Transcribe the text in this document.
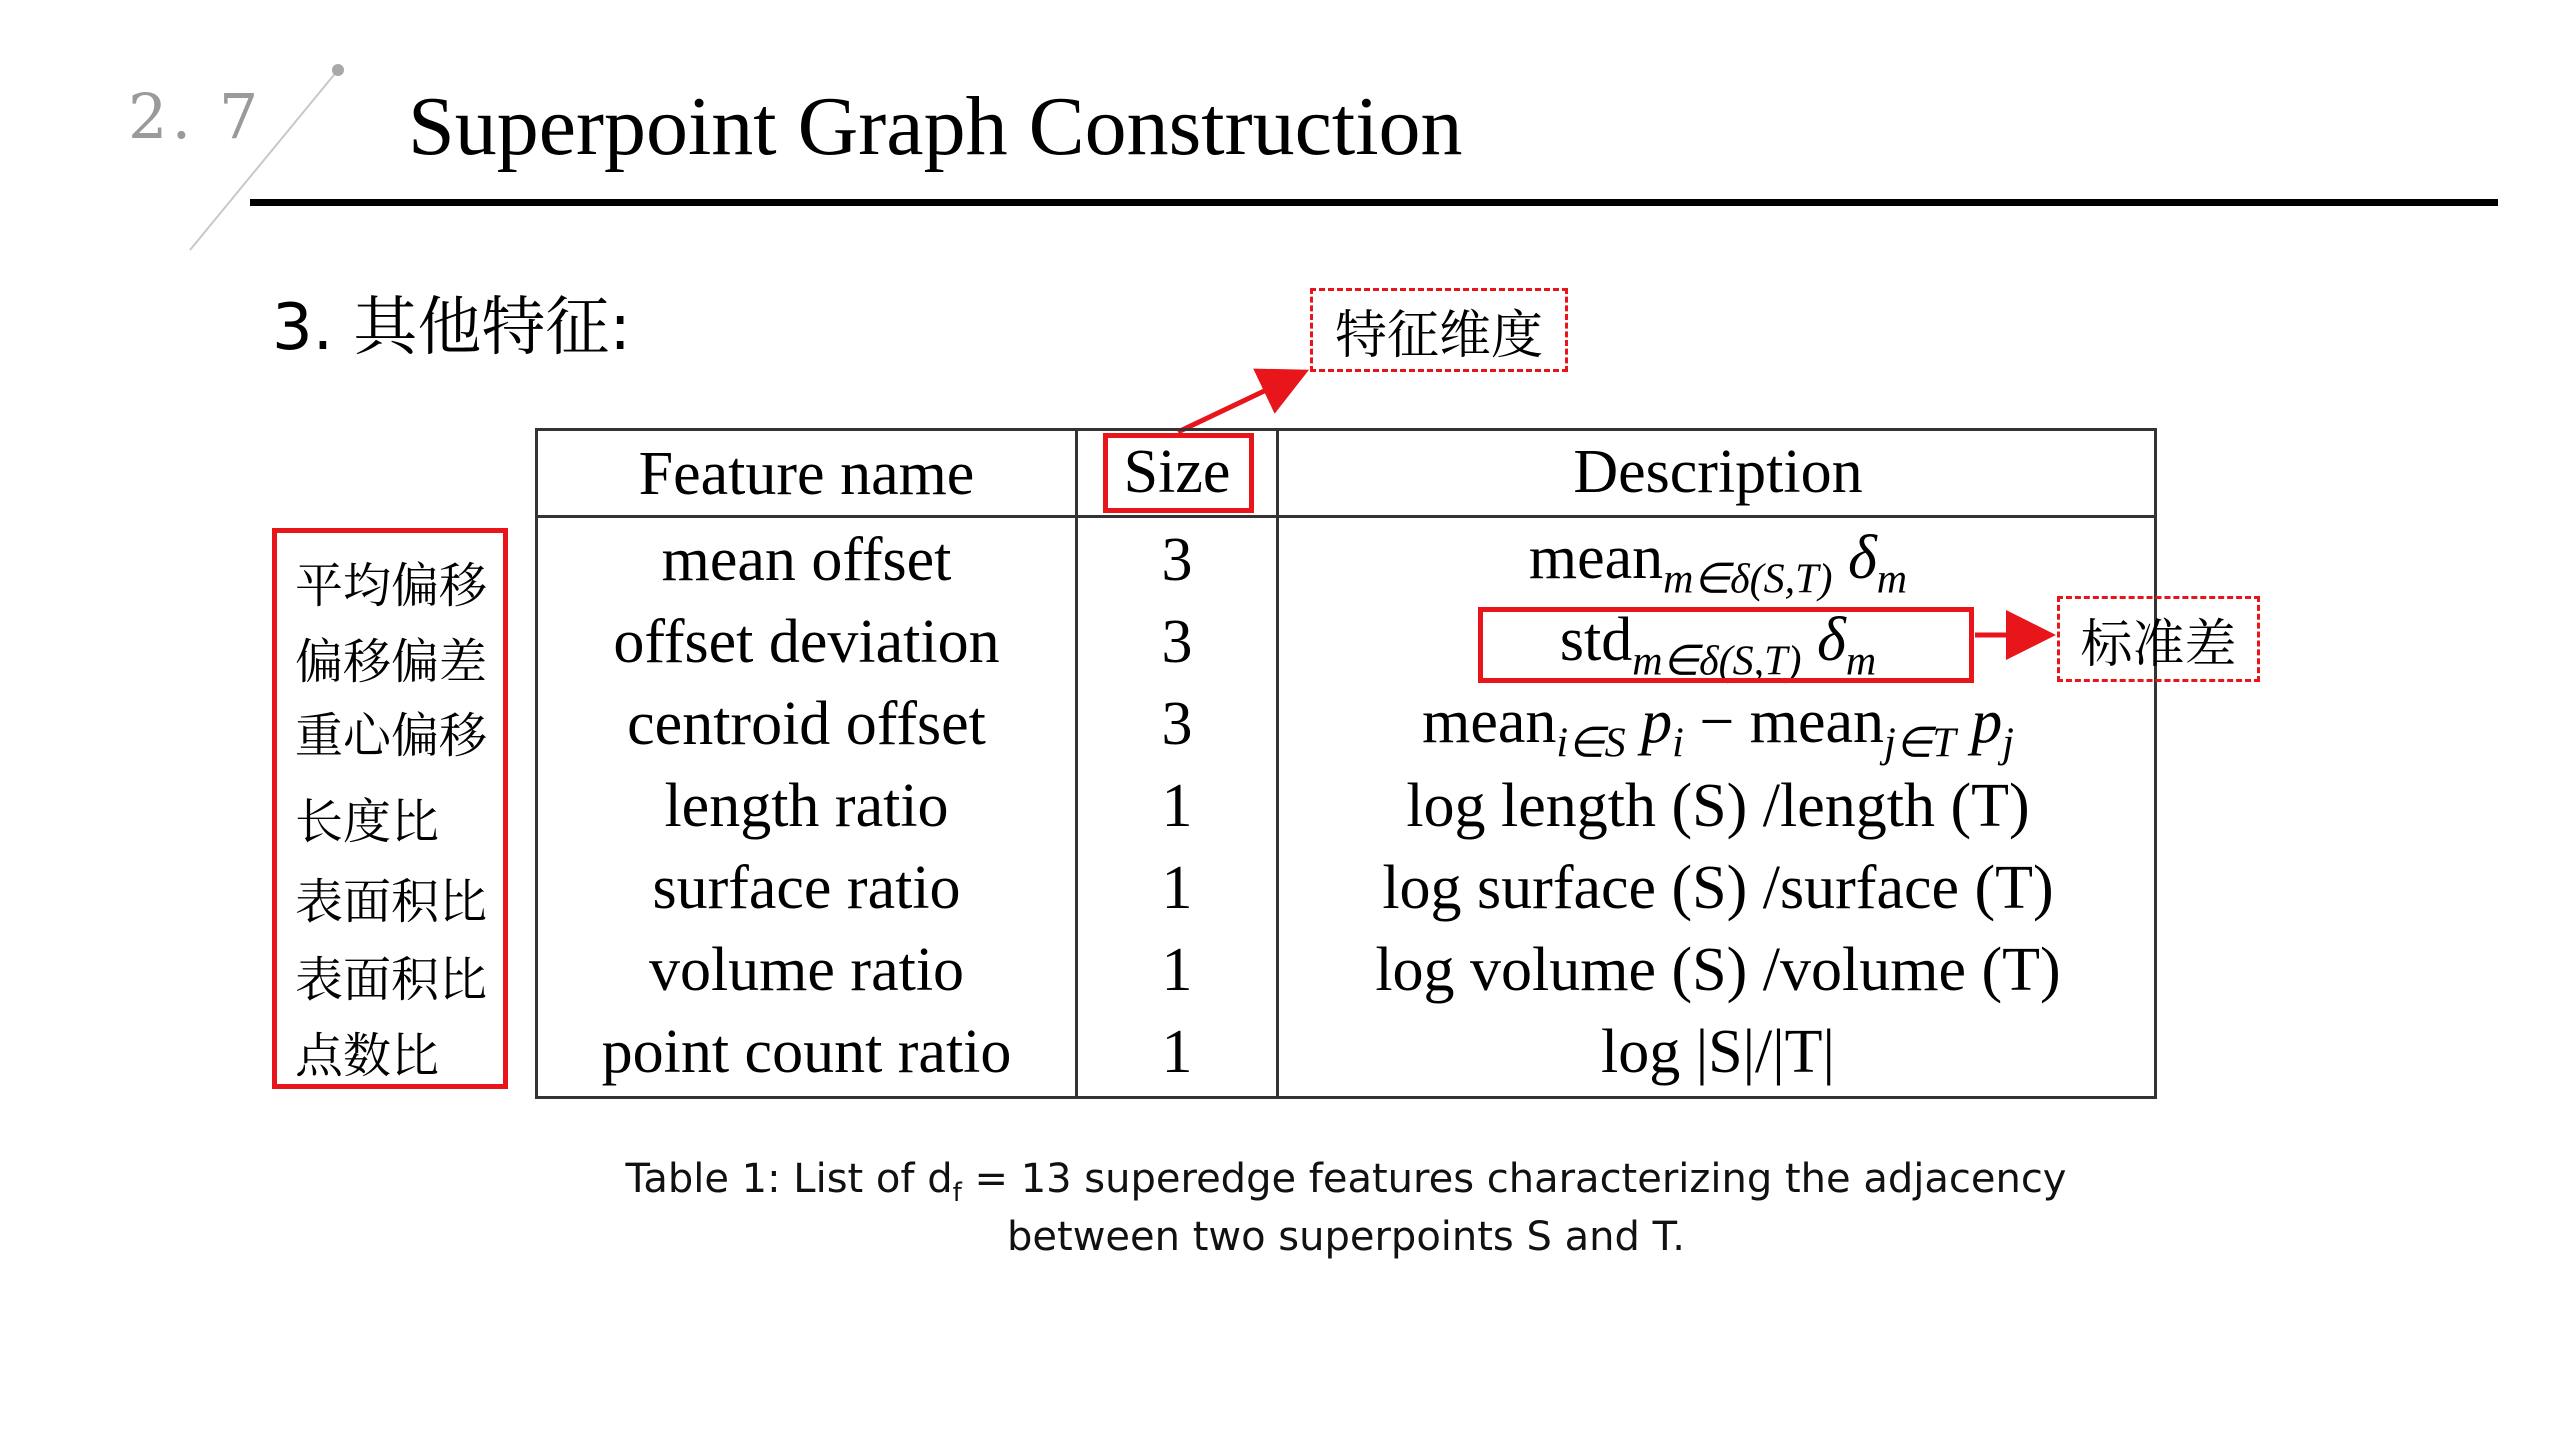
2. 7 Superpoint Graph Construction
3. 其他特征:	特征维度
Feature name	Size	Description
mean offset	3	mean$_{m\in\delta(S,T)}$ $\delta_m$
offset deviation	3	std$_{m\in\delta(S,T)}$ $\delta_m$
centroid offset	3	mean$_{i\in S}$ $p_i$ − mean$_{j\in T}$ $p_j$
length ratio	1	log length (S) /length (T)
surface ratio	1	log surface (S) /surface (T)
volume ratio	1	log volume (S) /volume (T)
point count ratio	1	log |S|/|T|
标准差
平均偏移
偏移偏差
重心偏移
长度比
表面积比
表面积比
点数比
Table 1: List of $d_f = 13$ superedge features characterizing the adjacency
between two superpoints S and T.
